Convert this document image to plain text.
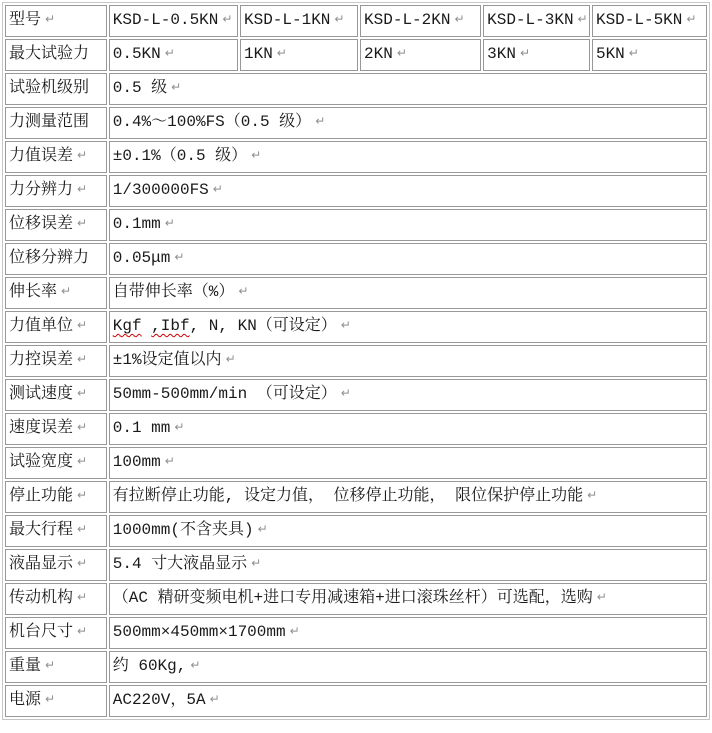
型号 ↵	KSD-L-0.5KN ↵	KSD-L-1KN ↵	KSD-L-2KN ↵	KSD-L-3KN ↵	KSD-L-5KN ↵
最大试验力	0.5KN ↵	1KN ↵	2KN ↵	3KN ↵	5KN ↵
试验机级别	0.5 级 ↵				
力测量范围	0.4%～100%FS（0.5 级） ↵				
力值误差 ↵	±0.1%（0.5 级） ↵				
力分辨力 ↵	1/300000FS ↵				
位移误差 ↵	0.1mm ↵				
位移分辨力	0.05μm ↵				
伸长率 ↵	自带伸长率（%） ↵				
力值单位 ↵	Kgf ,Ibf, N, KN（可设定） ↵				
力控误差 ↵	±1%设定值以内 ↵				
测试速度 ↵	50mm-500mm/min （可设定） ↵				
速度误差 ↵	0.1 mm ↵				
试验宽度 ↵	100mm ↵				
停止功能 ↵	有拉断停止功能, 设定力值， 位移停止功能， 限位保护停止功能 ↵				
最大行程 ↵	1000mm(不含夹具) ↵				
液晶显示 ↵	5.4 寸大液晶显示 ↵				
传动机构 ↵	（AC 精研变频电机+进口专用减速箱+进口滚珠丝杆）可选配，选购 ↵				
机台尺寸 ↵	500mm×450mm×1700mm ↵				
重量 ↵	约 60Kg, ↵				
电源 ↵	AC220V，5A ↵				
